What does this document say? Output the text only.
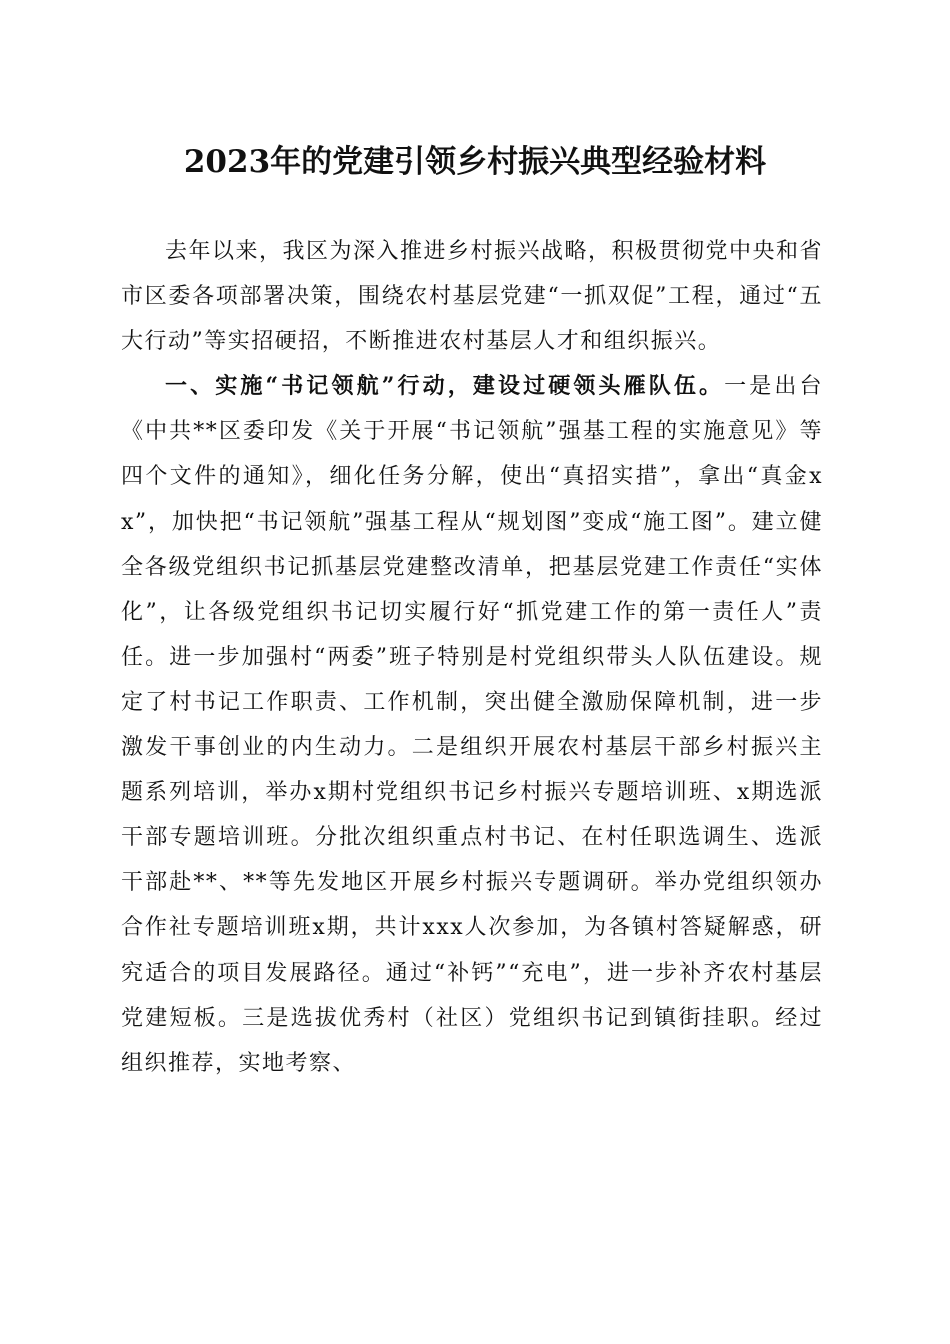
2023年的党建引领乡村振兴典型经验材料

去年以来，我区为深入推进乡村振兴战略，积极贯彻党中央和省市区委各项部署决策，围绕农村基层党建“一抓双促”工程，通过“五大行动”等实招硬招，不断推进农村基层人才和组织振兴。

一、实施“书记领航”行动，建设过硬领头雁队伍。一是出台《中共**区委印发《关于开展“书记领航”强基工程的实施意见》等四个文件的通知》，细化任务分解，使出“真招实措”，拿出“真金xx”，加快把“书记领航”强基工程从“规划图”变成“施工图”。建立健全各级党组织书记抓基层党建整改清单，把基层党建工作责任“实体化”，让各级党组织书记切实履行好“抓党建工作的第一责任人”责任。进一步加强村“两委”班子特别是村党组织带头人队伍建设。规定了村书记工作职责、工作机制，突出健全激励保障机制，进一步激发干事创业的内生动力。二是组织开展农村基层干部乡村振兴主题系列培训，举办x期村党组织书记乡村振兴专题培训班、x期选派干部专题培训班。分批次组织重点村书记、在村任职选调生、选派干部赴**、**等先发地区开展乡村振兴专题调研。举办党组织领办合作社专题培训班x期，共计xxx人次参加，为各镇村答疑解惑，研究适合的项目发展路径。通过“补钙”“充电”，进一步补齐农村基层党建短板。三是选拔优秀村（社区）党组织书记到镇街挂职。经过组织推荐，实地考察、
